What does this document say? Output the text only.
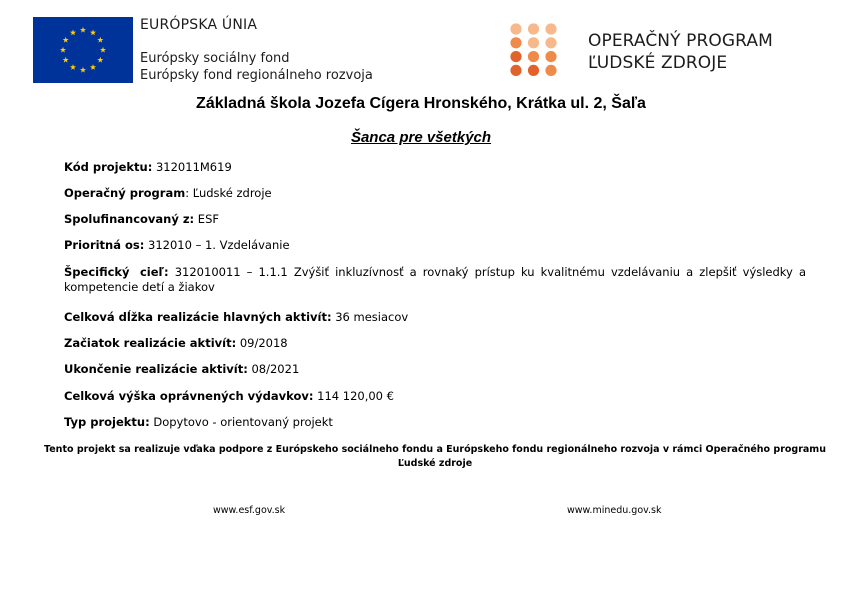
EURÓPSKA ÚNIA
Európsky sociálny fond
Európsky fond regionálneho rozvoja
OPERAČNÝ PROGRAM
ĽUDSKÉ ZDROJE
Základná škola Jozefa Cígera Hronského, Krátka ul. 2, Šaľa
Šanca pre všetkých
Kód projektu: 312011M619
Operačný program: Ľudské zdroje
Spolufinancovaný z: ESF
Prioritná os: 312010 – 1. Vzdelávanie
Špecifický cieľ: 312010011 – 1.1.1 Zvýšiť inkluzívnosť a rovnaký prístup ku kvalitnému vzdelávaniu a zlepšiť výsledky a kompetencie detí a žiakov
Celková dĺžka realizácie hlavných aktivít: 36 mesiacov
Začiatok realizácie aktivít: 09/2018
Ukončenie realizácie aktivít: 08/2021
Celková výška oprávnených výdavkov: 114 120,00 €
Typ projektu: Dopytovo - orientovaný projekt
Tento projekt sa realizuje vďaka podpore z Európskeho sociálneho fondu a Európskeho fondu regionálneho rozvoja v rámci Operačného programu Ľudské zdroje
www.esf.gov.sk	www.minedu.gov.sk
